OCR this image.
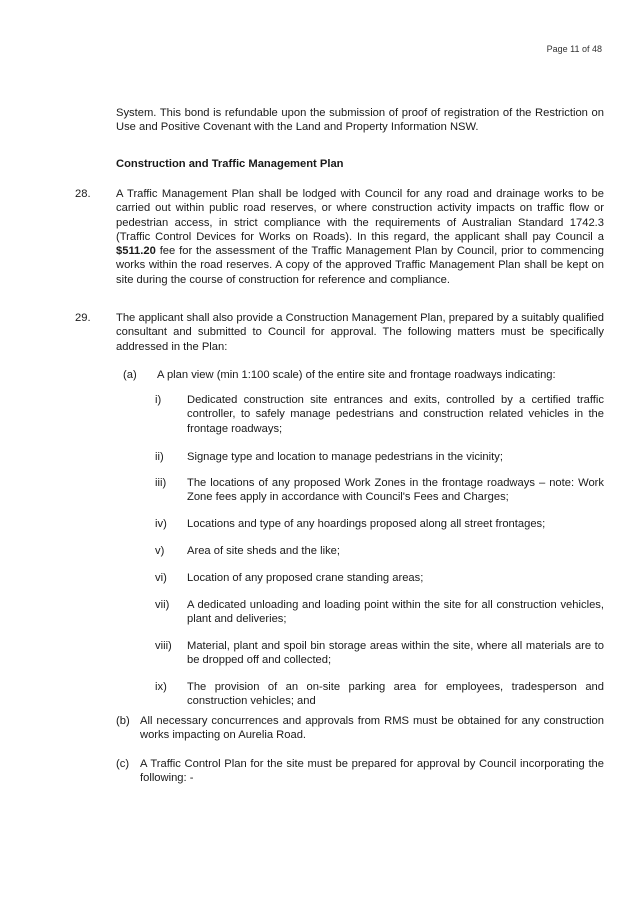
Page 11 of 48

System. This bond is refundable upon the submission of proof of registration of the Restriction on Use and Positive Covenant with the Land and Property Information NSW.

Construction and Traffic Management Plan
28. A Traffic Management Plan shall be lodged with Council for any road and drainage works to be carried out within public road reserves, or where construction activity impacts on traffic flow or pedestrian access, in strict compliance with the requirements of Australian Standard 1742.3 (Traffic Control Devices for Works on Roads). In this regard, the applicant shall pay Council a $511.20 fee for the assessment of the Traffic Management Plan by Council, prior to commencing works within the road reserves. A copy of the approved Traffic Management Plan shall be kept on site during the course of construction for reference and compliance.

29. The applicant shall also provide a Construction Management Plan, prepared by a suitably qualified consultant and submitted to Council for approval. The following matters must be specifically addressed in the Plan:

(a) A plan view (min 1:100 scale) of the entire site and frontage roadways indicating:
i) Dedicated construction site entrances and exits, controlled by a certified traffic controller, to safely manage pedestrians and construction related vehicles in the frontage roadways;

ii) Signage type and location to manage pedestrians in the vicinity;

iii) The locations of any proposed Work Zones in the frontage roadways – note: Work Zone fees apply in accordance with Council's Fees and Charges;

iv) Locations and type of any hoardings proposed along all street frontages;

v) Area of site sheds and the like;

vi) Location of any proposed crane standing areas;

vii) A dedicated unloading and loading point within the site for all construction vehicles, plant and deliveries;

viii) Material, plant and spoil bin storage areas within the site, where all materials are to be dropped off and collected;

ix) The provision of an on-site parking area for employees, tradesperson and construction vehicles; and

(b) All necessary concurrences and approvals from RMS must be obtained for any construction works impacting on Aurelia Road.

(c) A Traffic Control Plan for the site must be prepared for approval by Council incorporating the following: -
